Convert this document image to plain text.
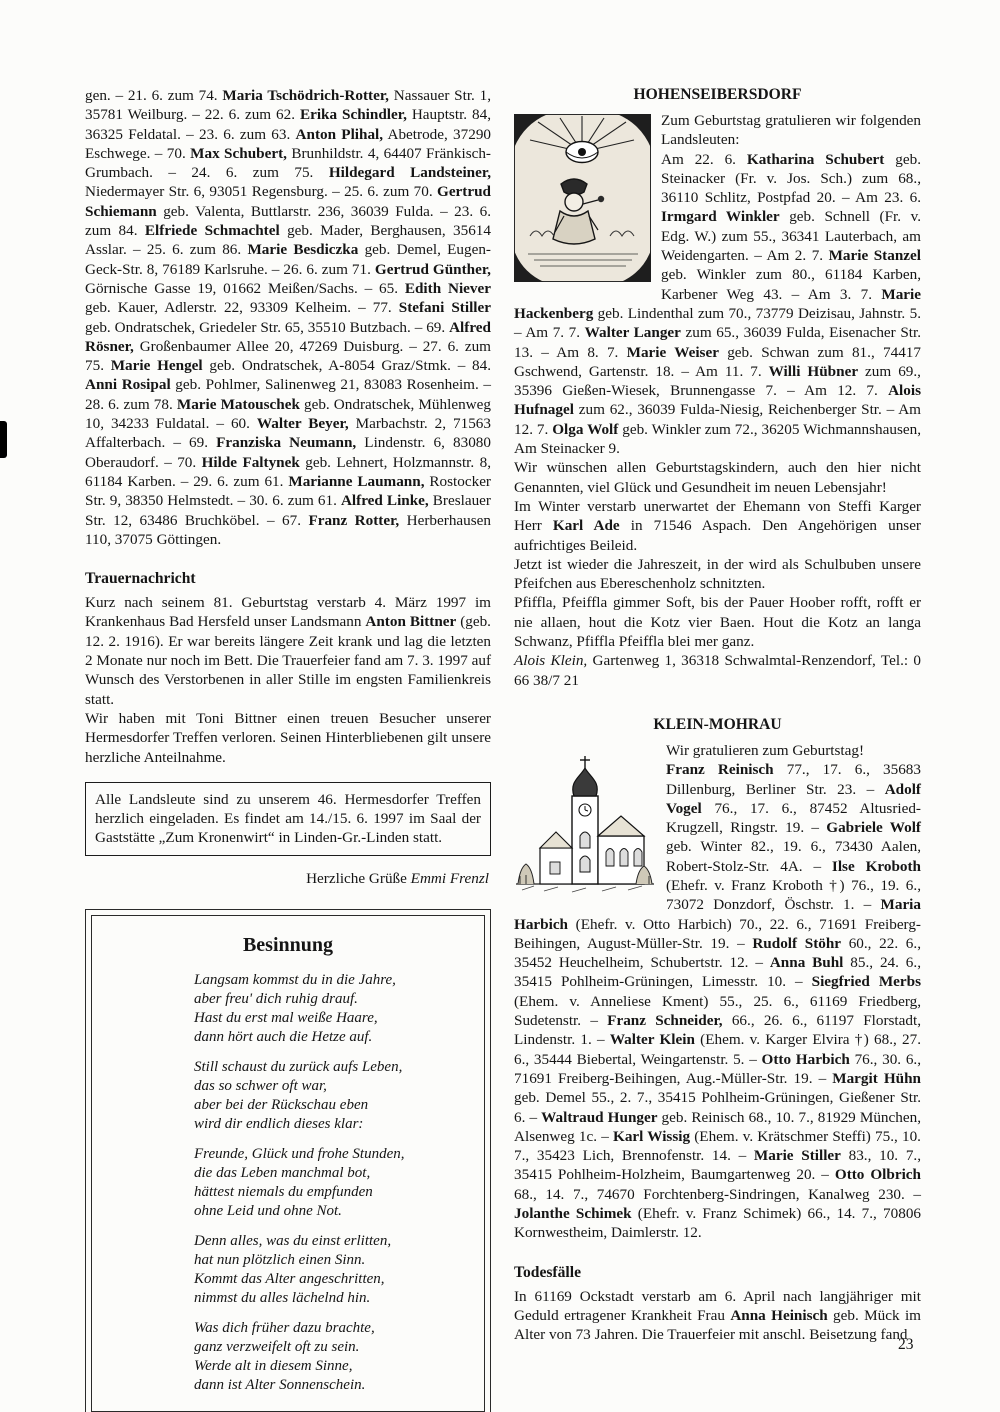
gen. – 21. 6. zum 74. Maria Tschödrich-Rotter, Nassauer Str. 1, 35781 Weilburg. – 22. 6. zum 62. Erika Schindler, Hauptstr. 84, 36325 Feldatal. – 23. 6. zum 63. Anton Plihal, Abetrode, 37290 Eschwege. – 70. Max Schubert, Brunhildstr. 4, 64407 Fränkisch-Grumbach. – 24. 6. zum 75. Hildegard Landsteiner, Niedermayer Str. 6, 93051 Regensburg. – 25. 6. zum 70. Gertrud Schiemann geb. Valenta, Buttlarstr. 236, 36039 Fulda. – 23. 6. zum 84. Elfriede Schmachtel geb. Mader, Berghausen, 35614 Asslar. – 25. 6. zum 86. Marie Besdiczka geb. Demel, Eugen-Geck-Str. 8, 76189 Karlsruhe. – 26. 6. zum 71. Gertrud Günther, Görnische Gasse 19, 01662 Meißen/Sachs. – 65. Edith Niever geb. Kauer, Adlerstr. 22, 93309 Kelheim. – 77. Stefani Stiller geb. Ondratschek, Griedeler Str. 65, 35510 Butzbach. – 69. Alfred Rösner, Großenbaumer Allee 20, 47269 Duisburg. – 27. 6. zum 75. Marie Hengel geb. Ondratschek, A-8054 Graz/Stmk. – 84. Anni Rosipal geb. Pohlmer, Salinenweg 21, 83083 Rosenheim. – 28. 6. zum 78. Marie Matouschek geb. Ondratschek, Mühlenweg 10, 34233 Fuldatal. – 60. Walter Beyer, Marbachstr. 2, 71563 Affalterbach. – 69. Franziska Neumann, Lindenstr. 6, 83080 Oberaudorf. – 70. Hilde Faltynek geb. Lehnert, Holzmannstr. 8, 61184 Karben. – 29. 6. zum 61. Marianne Laumann, Rostocker Str. 9, 38350 Helmstedt. – 30. 6. zum 61. Alfred Linke, Breslauer Str. 12, 63486 Bruchköbel. – 67. Franz Rotter, Herberhausen 110, 37075 Göttingen.

Trauernachricht

Kurz nach seinem 81. Geburtstag verstarb 4. März 1997 im Krankenhaus Bad Hersfeld unser Landsmann Anton Bittner (geb. 12. 2. 1916). Er war bereits längere Zeit krank und lag die letzten 2 Monate nur noch im Bett. Die Trauerfeier fand am 7. 3. 1997 auf Wunsch des Verstorbenen in aller Stille im engsten Familienkreis statt.

Wir haben mit Toni Bittner einen treuen Besucher unserer Hermesdorfer Treffen verloren. Seinen Hinterbliebenen gilt unsere herzliche Anteilnahme.

Alle Landsleute sind zu unserem 46. Hermesdorfer Treffen herzlich eingeladen. Es findet am 14./15. 6. 1997 im Saal der Gaststätte „Zum Kronenwirt“ in Linden-Gr.-Linden statt.

Herzliche Grüße Emmi Frenzl

Besinnung

Langsam kommst du in die Jahre,
aber freu' dich ruhig drauf.
Hast du erst mal weiße Haare,
dann hört auch die Hetze auf.

Still schaust du zurück aufs Leben,
das so schwer oft war,
aber bei der Rückschau eben
wird dir endlich dieses klar:

Freunde, Glück und frohe Stunden,
die das Leben manchmal bot,
hättest niemals du empfunden
ohne Leid und ohne Not.

Denn alles, was du einst erlitten,
hat nun plötzlich einen Sinn.
Kommt das Alter angeschritten,
nimmst du alles lächelnd hin.

Was dich früher dazu brachte,
ganz verzweifelt oft zu sein.
Werde alt in diesem Sinne,
dann ist Alter Sonnenschein.

HOHENSEIBERSDORF

Zum Geburtstag gratulieren wir folgenden Landsleuten:

Am 22. 6. Katharina Schubert geb. Steinacker (Fr. v. Jos. Sch.) zum 68., 36110 Schlitz, Postpfad 20. – Am 23. 6. Irmgard Winkler geb. Schnell (Fr. v. Edg. W.) zum 55., 36341 Lauterbach, am Weidengarten. – Am 2. 7. Marie Stanzel geb. Winkler zum 80., 61184 Karben, Karbener Weg 43. – Am 3. 7. Marie Hackenberg geb. Lindenthal zum 70., 73779 Deizisau, Jahnstr. 5. – Am 7. 7. Walter Langer zum 65., 36039 Fulda, Eisenacher Str. 13. – Am 8. 7. Marie Weiser geb. Schwan zum 81., 74417 Gschwend, Gartenstr. 18. – Am 11. 7. Willi Hübner zum 69., 35396 Gießen-Wiesek, Brunnengasse 7. – Am 12. 7. Alois Hufnagel zum 62., 36039 Fulda-Niesig, Reichenberger Str. – Am 12. 7. Olga Wolf geb. Winkler zum 72., 36205 Wichmannshausen, Am Steinacker 9.

Wir wünschen allen Geburtstagskindern, auch den hier nicht Genannten, viel Glück und Gesundheit im neuen Lebensjahr!

Im Winter verstarb unerwartet der Ehemann von Steffi Karger Herr Karl Ade in 71546 Aspach. Den Angehörigen unser aufrichtiges Beileid.

Jetzt ist wieder die Jahreszeit, in der wird als Schulbuben unsere Pfeifchen aus Ebereschenholz schnitzten.

Pfiffla, Pfeiffla gimmer Soft, bis der Pauer Hoober rofft, rofft er nie allaen, hout die Kotz vier Baen. Hout die Kotz an langa Schwanz, Pfiffla Pfeiffla blei mer ganz.

Alois Klein, Gartenweg 1, 36318 Schwalmtal-Renzendorf, Tel.: 0 66 38/7 21

KLEIN-MOHRAU

Wir gratulieren zum Geburtstag!

Franz Reinisch 77., 17. 6., 35683 Dillenburg, Berliner Str. 23. – Adolf Vogel 76., 17. 6., 87452 Altusried-Krugzell, Ringstr. 19. – Gabriele Wolf geb. Winter 82., 19. 6., 73430 Aalen, Robert-Stolz-Str. 4A. – Ilse Kroboth (Ehefr. v. Franz Kroboth †) 76., 19. 6., 73072 Donzdorf, Öschstr. 1. – Maria Harbich (Ehefr. v. Otto Harbich) 70., 22. 6., 71691 Freiberg-Beihingen, August-Müller-Str. 19. – Rudolf Stöhr 60., 22. 6., 35452 Heuchelheim, Schubertstr. 12. – Anna Buhl 85., 24. 6., 35415 Pohlheim-Grüningen, Limesstr. 10. – Siegfried Merbs (Ehem. v. Anneliese Kment) 55., 25. 6., 61169 Friedberg, Sudetenstr. – Franz Schneider, 66., 26. 6., 61197 Florstadt, Lindenstr. 1. – Walter Klein (Ehem. v. Karger Elvira †) 68., 27. 6., 35444 Biebertal, Weingartenstr. 5. – Otto Harbich 76., 30. 6., 71691 Freiberg-Beihingen, Aug.-Müller-Str. 19. – Margit Hühn geb. Demel 55., 2. 7., 35415 Pohlheim-Grüningen, Gießener Str. 6. – Waltraud Hunger geb. Reinisch 68., 10. 7., 81929 München, Alsenweg 1c. – Karl Wissig (Ehem. v. Krätschmer Steffi) 75., 10. 7., 35423 Lich, Brennofenstr. 14. – Marie Stiller 83., 10. 7., 35415 Pohlheim-Holzheim, Baumgartenweg 20. – Otto Olbrich 68., 14. 7., 74670 Forchtenberg-Sindringen, Kanalweg 230. – Jolanthe Schimek (Ehefr. v. Franz Schimek) 66., 14. 7., 70806 Kornwestheim, Daimlerstr. 12.

Todesfälle

In 61169 Ockstadt verstarb am 6. April nach langjähriger mit Geduld ertragener Krankheit Frau Anna Heinisch geb. Mück im Alter von 73 Jahren. Die Trauerfeier mit anschl. Beisetzung fand

23
